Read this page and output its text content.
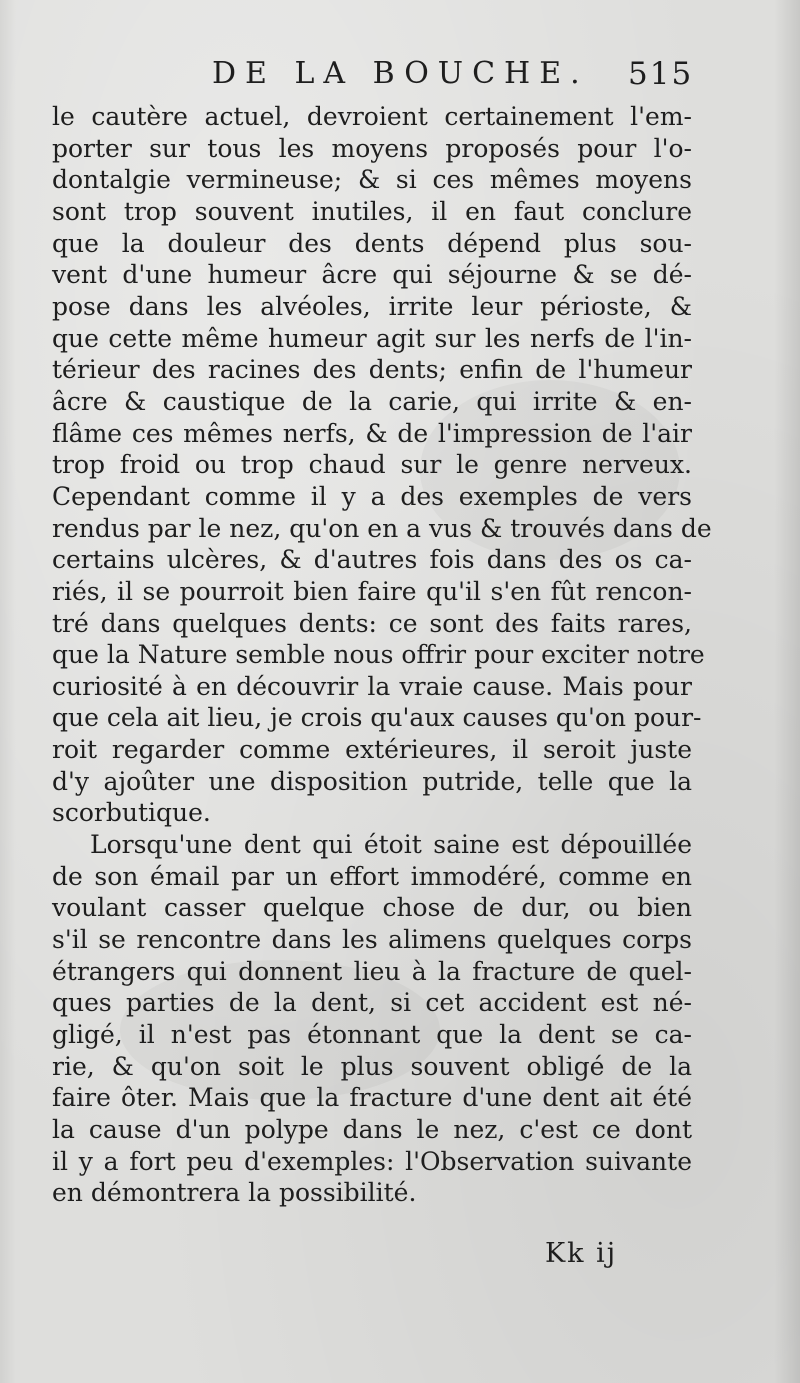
DE LA BOUCHE. 515
le cautère actuel, devroient certainement l'em-
porter sur tous les moyens proposés pour l'o-
dontalgie vermineuse; & si ces mêmes moyens
sont trop souvent inutiles, il en faut conclure
que la douleur des dents dépend plus sou-
vent d'une humeur âcre qui séjourne & se dé-
pose dans les alvéoles, irrite leur périoste, &
que cette même humeur agit sur les nerfs de l'in-
térieur des racines des dents; enfin de l'humeur
âcre & caustique de la carie, qui irrite & en-
flâme ces mêmes nerfs, & de l'impression de l'air
trop froid ou trop chaud sur le genre nerveux.
Cependant comme il y a des exemples de vers
rendus par le nez, qu'on en a vus & trouvés dans de
certains ulcères, & d'autres fois dans des os ca-
riés, il se pourroit bien faire qu'il s'en fût rencon-
tré dans quelques dents: ce sont des faits rares,
que la Nature semble nous offrir pour exciter notre
curiosité à en découvrir la vraie cause. Mais pour
que cela ait lieu, je crois qu'aux causes qu'on pour-
roit regarder comme extérieures, il seroit juste
d'y ajoûter une disposition putride, telle que la
scorbutique.
Lorsqu'une dent qui étoit saine est dépouillée
de son émail par un effort immodéré, comme en
voulant casser quelque chose de dur, ou bien
s'il se rencontre dans les alimens quelques corps
étrangers qui donnent lieu à la fracture de quel-
ques parties de la dent, si cet accident est né-
gligé, il n'est pas étonnant que la dent se ca-
rie, & qu'on soit le plus souvent obligé de la
faire ôter. Mais que la fracture d'une dent ait été
la cause d'un polype dans le nez, c'est ce dont
il y a fort peu d'exemples: l'Observation suivante
en démontrera la possibilité.
Kk ij
